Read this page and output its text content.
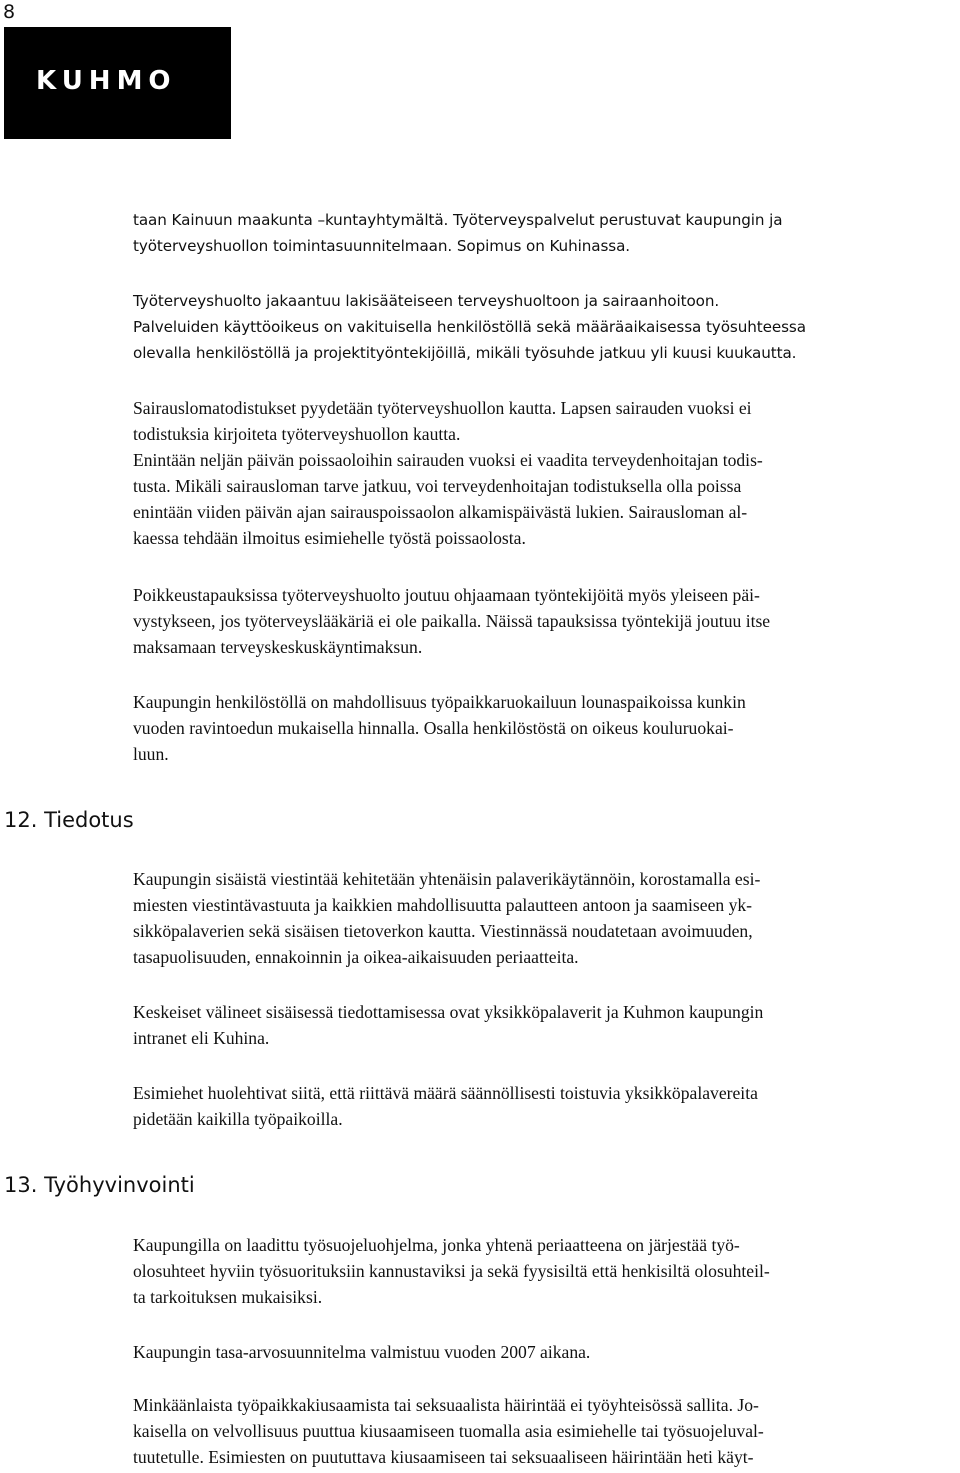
8
KUHMO
12. Tiedotus
13. Työhyvinvointi
taan Kainuun maakunta –kuntayhtymältä. Työterveyspalvelut perustuvat kaupungin ja
työterveyshuollon toimintasuunnitelmaan. Sopimus on Kuhinassa.
Työterveyshuolto jakaantuu lakisääteiseen terveyshuoltoon ja sairaanhoitoon.
Palveluiden käyttöoikeus on vakituisella henkilöstöllä sekä määräaikaisessa työsuhteessa
olevalla henkilöstöllä ja projektityöntekijöillä, mikäli työsuhde jatkuu yli kuusi kuukautta.
Sairauslomatodistukset pyydetään työterveyshuollon kautta. Lapsen sairauden vuoksi ei
todistuksia kirjoiteta työterveyshuollon kautta.
Enintään neljän päivän poissaoloihin sairauden vuoksi ei vaadita terveydenhoitajan todis-
tusta. Mikäli sairausloman tarve jatkuu, voi terveydenhoitajan todistuksella olla poissa
enintään viiden päivän ajan sairauspoissaolon alkamispäivästä lukien. Sairausloman al-
kaessa tehdään ilmoitus esimiehelle työstä poissaolosta.
Poikkeustapauksissa työterveyshuolto joutuu ohjaamaan työntekijöitä myös yleiseen päi-
vystykseen, jos työterveyslääkäriä ei ole paikalla. Näissä tapauksissa työntekijä joutuu itse
maksamaan terveyskeskuskäyntimaksun.
Kaupungin henkilöstöllä on mahdollisuus työpaikkaruokailuun lounaspaikoissa kunkin
vuoden ravintoedun mukaisella hinnalla. Osalla henkilöstöstä on oikeus kouluruokai-
luun.
Kaupungin sisäistä viestintää kehitetään yhtenäisin palaverikäytännöin, korostamalla esi-
miesten viestintävastuuta ja kaikkien mahdollisuutta palautteen antoon ja saamiseen yk-
sikköpalaverien sekä sisäisen tietoverkon kautta. Viestinnässä noudatetaan avoimuuden,
tasapuolisuuden, ennakoinnin ja oikea-aikaisuuden periaatteita.
Keskeiset välineet sisäisessä tiedottamisessa ovat yksikköpalaverit ja Kuhmon kaupungin
intranet eli Kuhina.
Esimiehet huolehtivat siitä, että riittävä määrä säännöllisesti toistuvia yksikköpalavereita
pidetään kaikilla työpaikoilla.
Kaupungilla on laadittu työsuojeluohjelma, jonka yhtenä periaatteena on järjestää työ-
olosuhteet hyviin työsuorituksiin kannustaviksi ja sekä fyysisiltä että henkisiltä olosuhteil-
ta tarkoituksen mukaisiksi.
Kaupungin tasa-arvosuunnitelma valmistuu vuoden 2007 aikana.
Minkäänlaista työpaikkakiusaamista tai seksuaalista häirintää ei työyhteisössä sallita. Jo-
kaisella on velvollisuus puuttua kiusaamiseen tuomalla asia esimiehelle tai työsuojeluval-
tuutetulle. Esimiesten on puututtava kiusaamiseen tai seksuaaliseen häirintään heti käyt-
